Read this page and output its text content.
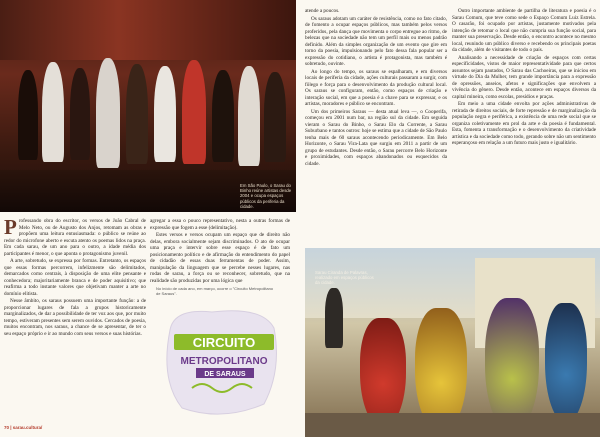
Em São Paulo, o Sarau do Binho reúne artistas desde 2004 e ocupa espaços públicos da periferia da cidade.

Professando obra do escritor, os versos de João Cabral de Melo Neto, ou de Augusto dos Anjos, retomam as obras e propõem uma leitura entusiasmada: o público se reúne ao redor do microfone aberto e escuta atento os poemas lidos na praça. Em cada sarau, de um ano para o outro, a idade média dos participantes é menor, o que aponta o protagonismo juvenil.

A arte, sobretudo, se expressa por formas. Entretanto, os espaços que essas formas percorrem, infelizmente são delimitados, demarcados como centrais, à disposição de uma elite pensante e conhecedora; majoritariamente branca e de poder aquisitivo; que reafirma a todo instante valores que objetivam manter a arte no domínio elitista.

Nesse âmbito, os saraus possuem uma importante função: a de proporcionar lugares de fala a grupos historicamente marginalizados, de dar a possibilidade de ter voz aos que, por muito tempo, estiveram presentes sem serem ouvidos. Cercados de poesia, muitos encontram, nos saraus, a chance de se apresentar, de ter o seu espaço próprio e ir ao mundo com seus versos e suas histórias.

agregar a essa o pouco representativo, nesta a outras formas de expressão que fogem a esse (delimitação).

Estes versos e versos ocupam um espaço que de direito não delas, embora socialmente sejam discriminados. O ato de ocupar uma praça e intervir sobre esse espaço é de fato um posicionamento político e de afirmação do entendimento do papel de cidadão de essas duas ferramentas de poder. Assim, manipulação da linguagem que se percebe nesses lugares, nas rodas de sarau, a força ou se reconhecer, sobretudo, que na realidade são produzidas por uma lógica que

No início de cada ano, em março, ocorre o "Circuito Metropolitano de Saraus".
CIRCUITO
METROPOLITANO
DE SARAUS

atende a poucos.

Os saraus adotam um caráter de resistência, como no fato citado, de fomento a ocupar espaços públicos, mas também pelos versos proferidos, pela dança que movimenta o corpo entregue ao ritmo, de belezas que na sociedade não tem um perfil mais ou menos padrão definido. Além da simples organização de um evento que gire em torno da poesia, impulsionando pelo fato dessa fala popular ser a expressão do cotidiano, o artista é protagonista, mas também é sobretudo, ouvinte.

Ao longo do tempo, os saraus se espalharam, e em diversos locais de periferia da cidade, ações culturais passaram a surgir, com fôlego e força para o desenvolvimento da produção cultural local. Os saraus se configuram, então, como espaços de criação e interação social, em que a poesia é a chave para se expressar, e os artistas, moradores e público se encontram.

Um dos primeiros Saraus — desta atual leva —, o Cooperifa, começou em 2001 num bar, na região sul da cidade. Em seguida vieram o Sarau do Binho, o Sarau Elo da Corrente, a Sarau Suburbano e tantos outros: hoje se estima que a cidade de São Paulo tenha mais de 60 saraus acontecendo periodicamente. Em Belo Horizonte, o Sarau Vira-Lata que surgiu em 2011 a partir de um grupo de estudantes. Desde então, o Sarau percorre Belo Horizonte e proximidades, com espaços abandonados ou esquecidos da cidade.

Outro importante ambiente de partilha de literatura e poesia é o Sarau Comum, que teve como sede o Espaço Comum Luiz Estrela. O casarão, foi ocupado por artistas, justamente motivados pela intenção de retomar o local que não cumpria sua função social, para manter sua preservação. Desde então, o encontro acontece no mesmo local, reunindo um público diverso e recebendo os principais poetas da cidade, além de visitantes de todo o país.

Analisando a necessidade de criação de espaços com certas especificidades, vistos de maior representatividade para que certos assuntos sejam pautados, O Sarau das Cachoeiras, que se iniciou em virtude do Dia da Mulher, tem grande importância para a expressão de opressões, anseios, afetos e significações que envolvem a vivência do gênero. Desde então, acontece em espaços diversos da capital mineira, como escolas, presídios e praças.

Em meio a uma cidade envolta por ações administrativas de retirada de direitos sociais, de forte repressão e de marginalização da população negra e periférica, a existência de uma rede social que se organiza coletivamente em prol da arte e da poesia é fundamental. Esta, fomenta a transformação e o desenvolvimento da criatividade artística e da sociedade como todo, gerando sobre não um sentimento esperançoso em relação a um futuro mais justo e igualitário.

Sarau Ciranda de Palavras, realizado em espaços públicos da cidade.
70 | sarau.cultura/
